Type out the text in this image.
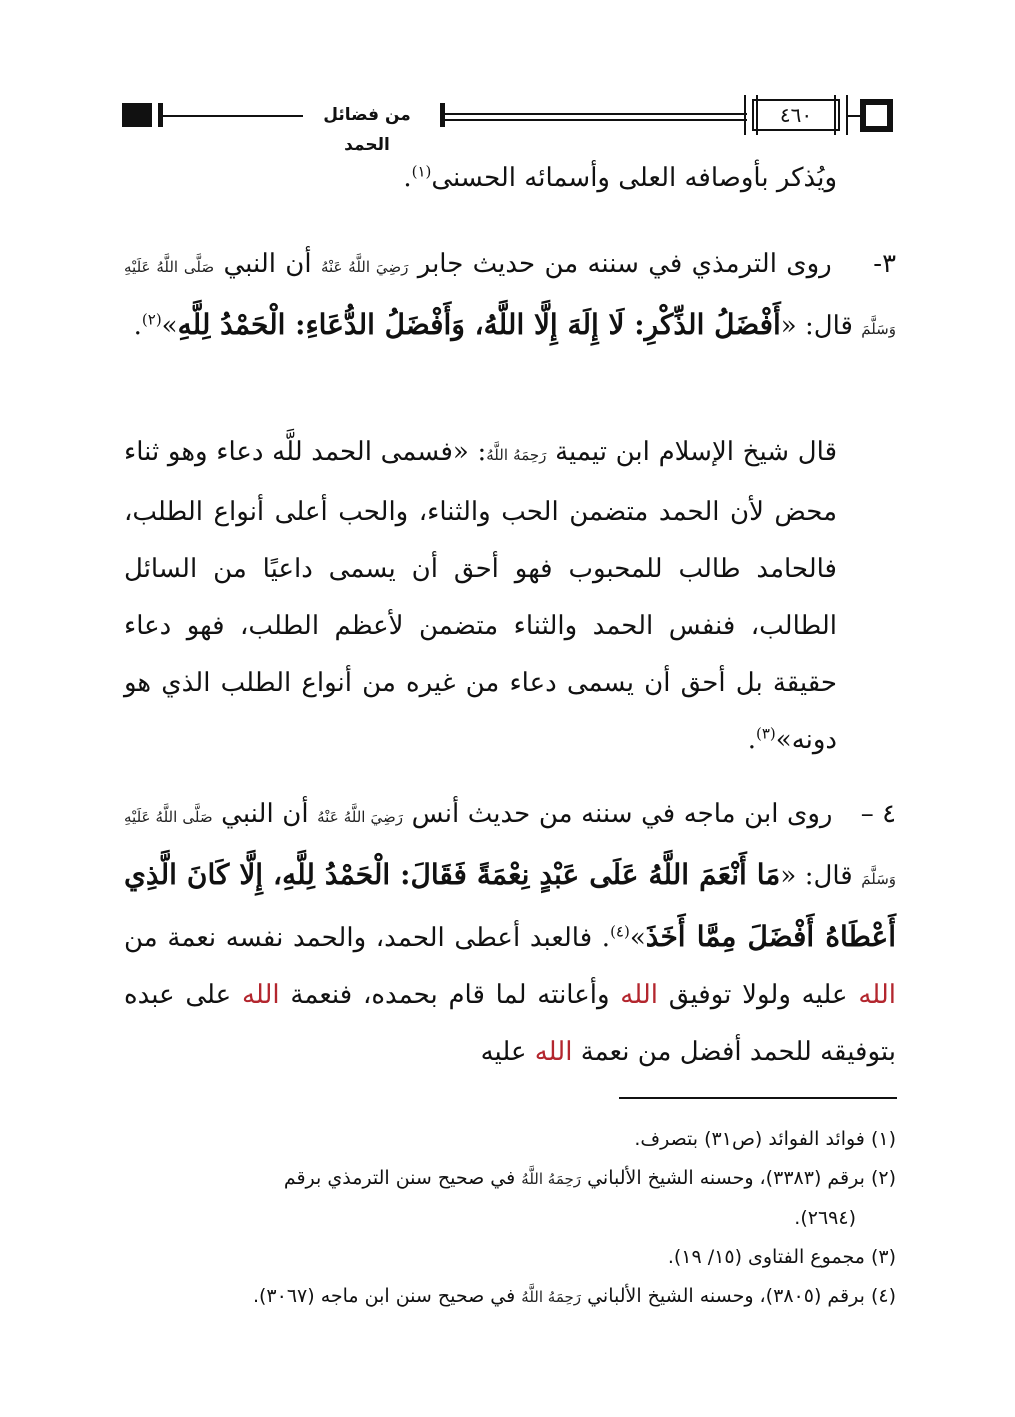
من فضائل الحمد
٤٦٠
ويُذكر بأوصافه العلى وأسمائه الحسنى$^{(١)}$.
٣- روى الترمذي في سننه من حديث جابر رَضِيَ اللَّهُ عَنْهُ أن النبي صَلَّى اللَّهُ عَلَيْهِ وَسَلَّمَ قال: «أَفْضَلُ الذِّكْرِ: لَا إِلَهَ إِلَّا اللَّهُ، وَأَفْضَلُ الدُّعَاءِ: الْحَمْدُ لِلَّهِ»$^{(٢)}$.
قال شيخ الإسلام ابن تيمية رَحِمَهُ اللَّهُ: «فسمى الحمد للَّه دعاء وهو ثناء محض لأن الحمد متضمن الحب والثناء، والحب أعلى أنواع الطلب، فالحامد طالب للمحبوب فهو أحق أن يسمى داعيًا من السائل الطالب، فنفس الحمد والثناء متضمن لأعظم الطلب، فهو دعاء حقيقة بل أحق أن يسمى دعاء من غيره من أنواع الطلب الذي هو دونه»$^{(٣)}$.
٤ – روى ابن ماجه في سننه من حديث أنس رَضِيَ اللَّهُ عَنْهُ أن النبي صَلَّى اللَّهُ عَلَيْهِ وَسَلَّمَ قال: «مَا أَنْعَمَ اللَّهُ عَلَى عَبْدٍ نِعْمَةً فَقَالَ: الْحَمْدُ لِلَّهِ، إِلَّا كَانَ الَّذِي أَعْطَاهُ أَفْضَلَ مِمَّا أَخَذَ»$^{(٤)}$. فالعبد أعطى الحمد، والحمد نفسه نعمة من الله عليه ولولا توفيق الله وأعانته لما قام بحمده، فنعمة الله على عبده بتوفيقه للحمد أفضل من نعمة الله عليه
(١) فوائد الفوائد (ص٣١) بتصرف.
(٢) برقم (٣٣٨٣)، وحسنه الشيخ الألباني رَحِمَهُ اللَّهُ في صحيح سنن الترمذي برقم
(٢٦٩٤).
(٣) مجموع الفتاوى (١٥/ ١٩).
(٤) برقم (٣٨٠٥)، وحسنه الشيخ الألباني رَحِمَهُ اللَّهُ في صحيح سنن ابن ماجه (٣٠٦٧).
